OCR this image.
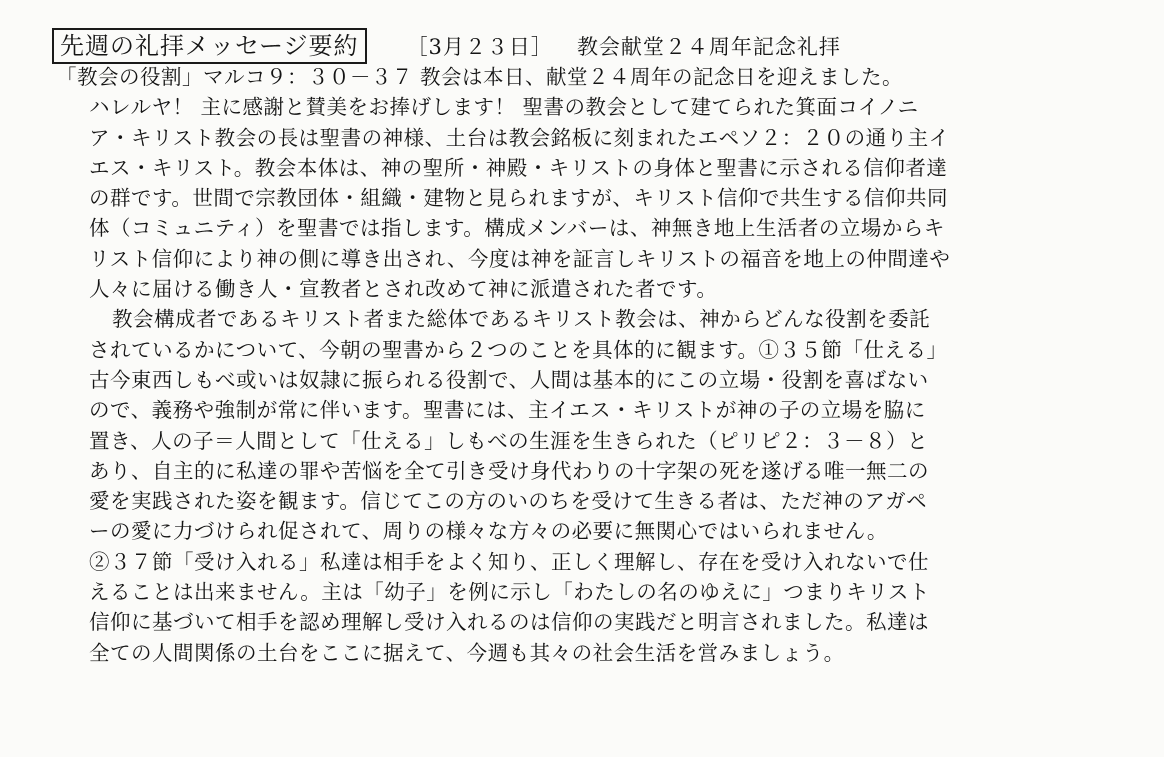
先週の礼拝メッセージ要約	［3月２３日］ 教会献堂２４周年記念礼拝
「教会の役割」マルコ９：３０－３７ 教会は本日、献堂２４周年の記念日を迎えました。
ハレルヤ！ 主に感謝と賛美をお捧げします！ 聖書の教会として建てられた箕面コイノニ
ア・キリスト教会の長は聖書の神様、土台は教会銘板に刻まれたエペソ２：２０の通り主イ
エス・キリスト。教会本体は、神の聖所・神殿・キリストの身体と聖書に示される信仰者達
の群です。世間で宗教団体・組織・建物と見られますが、キリスト信仰で共生する信仰共同
体（コミュニティ）を聖書では指します。構成メンバーは、神無き地上生活者の立場からキ
リスト信仰により神の側に導き出され、今度は神を証言しキリストの福音を地上の仲間達や
人々に届ける働き人・宣教者とされ改めて神に派遣された者です。
教会構成者であるキリスト者また総体であるキリスト教会は、神からどんな役割を委託
されているかについて、今朝の聖書から２つのことを具体的に観ます。①３５節「仕える」
古今東西しもべ或いは奴隷に振られる役割で、人間は基本的にこの立場・役割を喜ばない
ので、義務や強制が常に伴います。聖書には、主イエス・キリストが神の子の立場を脇に
置き、人の子＝人間として「仕える」しもべの生涯を生きられた（ピリピ２：３－８）と
あり、自主的に私達の罪や苦悩を全て引き受け身代わりの十字架の死を遂げる唯一無二の
愛を実践された姿を観ます。信じてこの方のいのちを受けて生きる者は、ただ神のアガペ
ーの愛に力づけられ促されて、周りの様々な方々の必要に無関心ではいられません。
②３７節「受け入れる」私達は相手をよく知り、正しく理解し、存在を受け入れないで仕
えることは出来ません。主は「幼子」を例に示し「わたしの名のゆえに」つまりキリスト
信仰に基づいて相手を認め理解し受け入れるのは信仰の実践だと明言されました。私達は
全ての人間関係の土台をここに据えて、今週も其々の社会生活を営みましょう。
